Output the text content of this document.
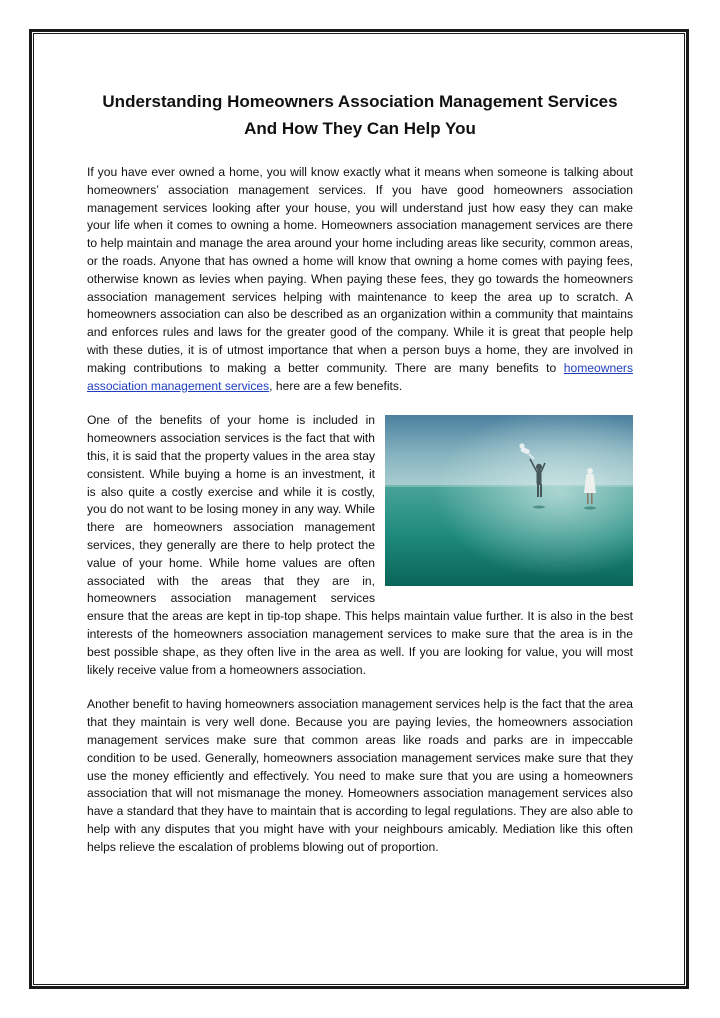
Understanding Homeowners Association Management Services And How They Can Help You

If you have ever owned a home, you will know exactly what it means when someone is talking about homeowners’ association management services. If you have good homeowners association management services looking after your house, you will understand just how easy they can make your life when it comes to owning a home. Homeowners association management services are there to help maintain and manage the area around your home including areas like security, common areas, or the roads. Anyone that has owned a home will know that owning a home comes with paying fees, otherwise known as levies when paying. When paying these fees, they go towards the homeowners association management services helping with maintenance to keep the area up to scratch. A homeowners association can also be described as an organization within a community that maintains and enforces rules and laws for the greater good of the company. While it is great that people help with these duties, it is of utmost importance that when a person buys a home, they are involved in making contributions to making a better community. There are many benefits to homeowners association management services, here are a few benefits.

One of the benefits of your home is included in homeowners association services is the fact that with this, it is said that the property values in the area stay consistent. While buying a home is an investment, it is also quite a costly exercise and while it is costly, you do not want to be losing money in any way. While there are homeowners association management services, they generally are there to help protect the value of your home. While home values are often associated with the areas that they are in, homeowners association management services ensure that the areas are kept in tip-top shape. This helps maintain value further. It is also in the best interests of the homeowners association management services to make sure that the area is in the best possible shape, as they often live in the area as well. If you are looking for value, you will most likely receive value from a homeowners association.

Another benefit to having homeowners association management services help is the fact that the area that they maintain is very well done. Because you are paying levies, the homeowners association management services make sure that common areas like roads and parks are in impeccable condition to be used. Generally, homeowners association management services make sure that they use the money efficiently and effectively. You need to make sure that you are using a homeowners association that will not mismanage the money. Homeowners association management services also have a standard that they have to maintain that is according to legal regulations. They are also able to help with any disputes that you might have with your neighbours amicably. Mediation like this often helps relieve the escalation of problems blowing out of proportion.
